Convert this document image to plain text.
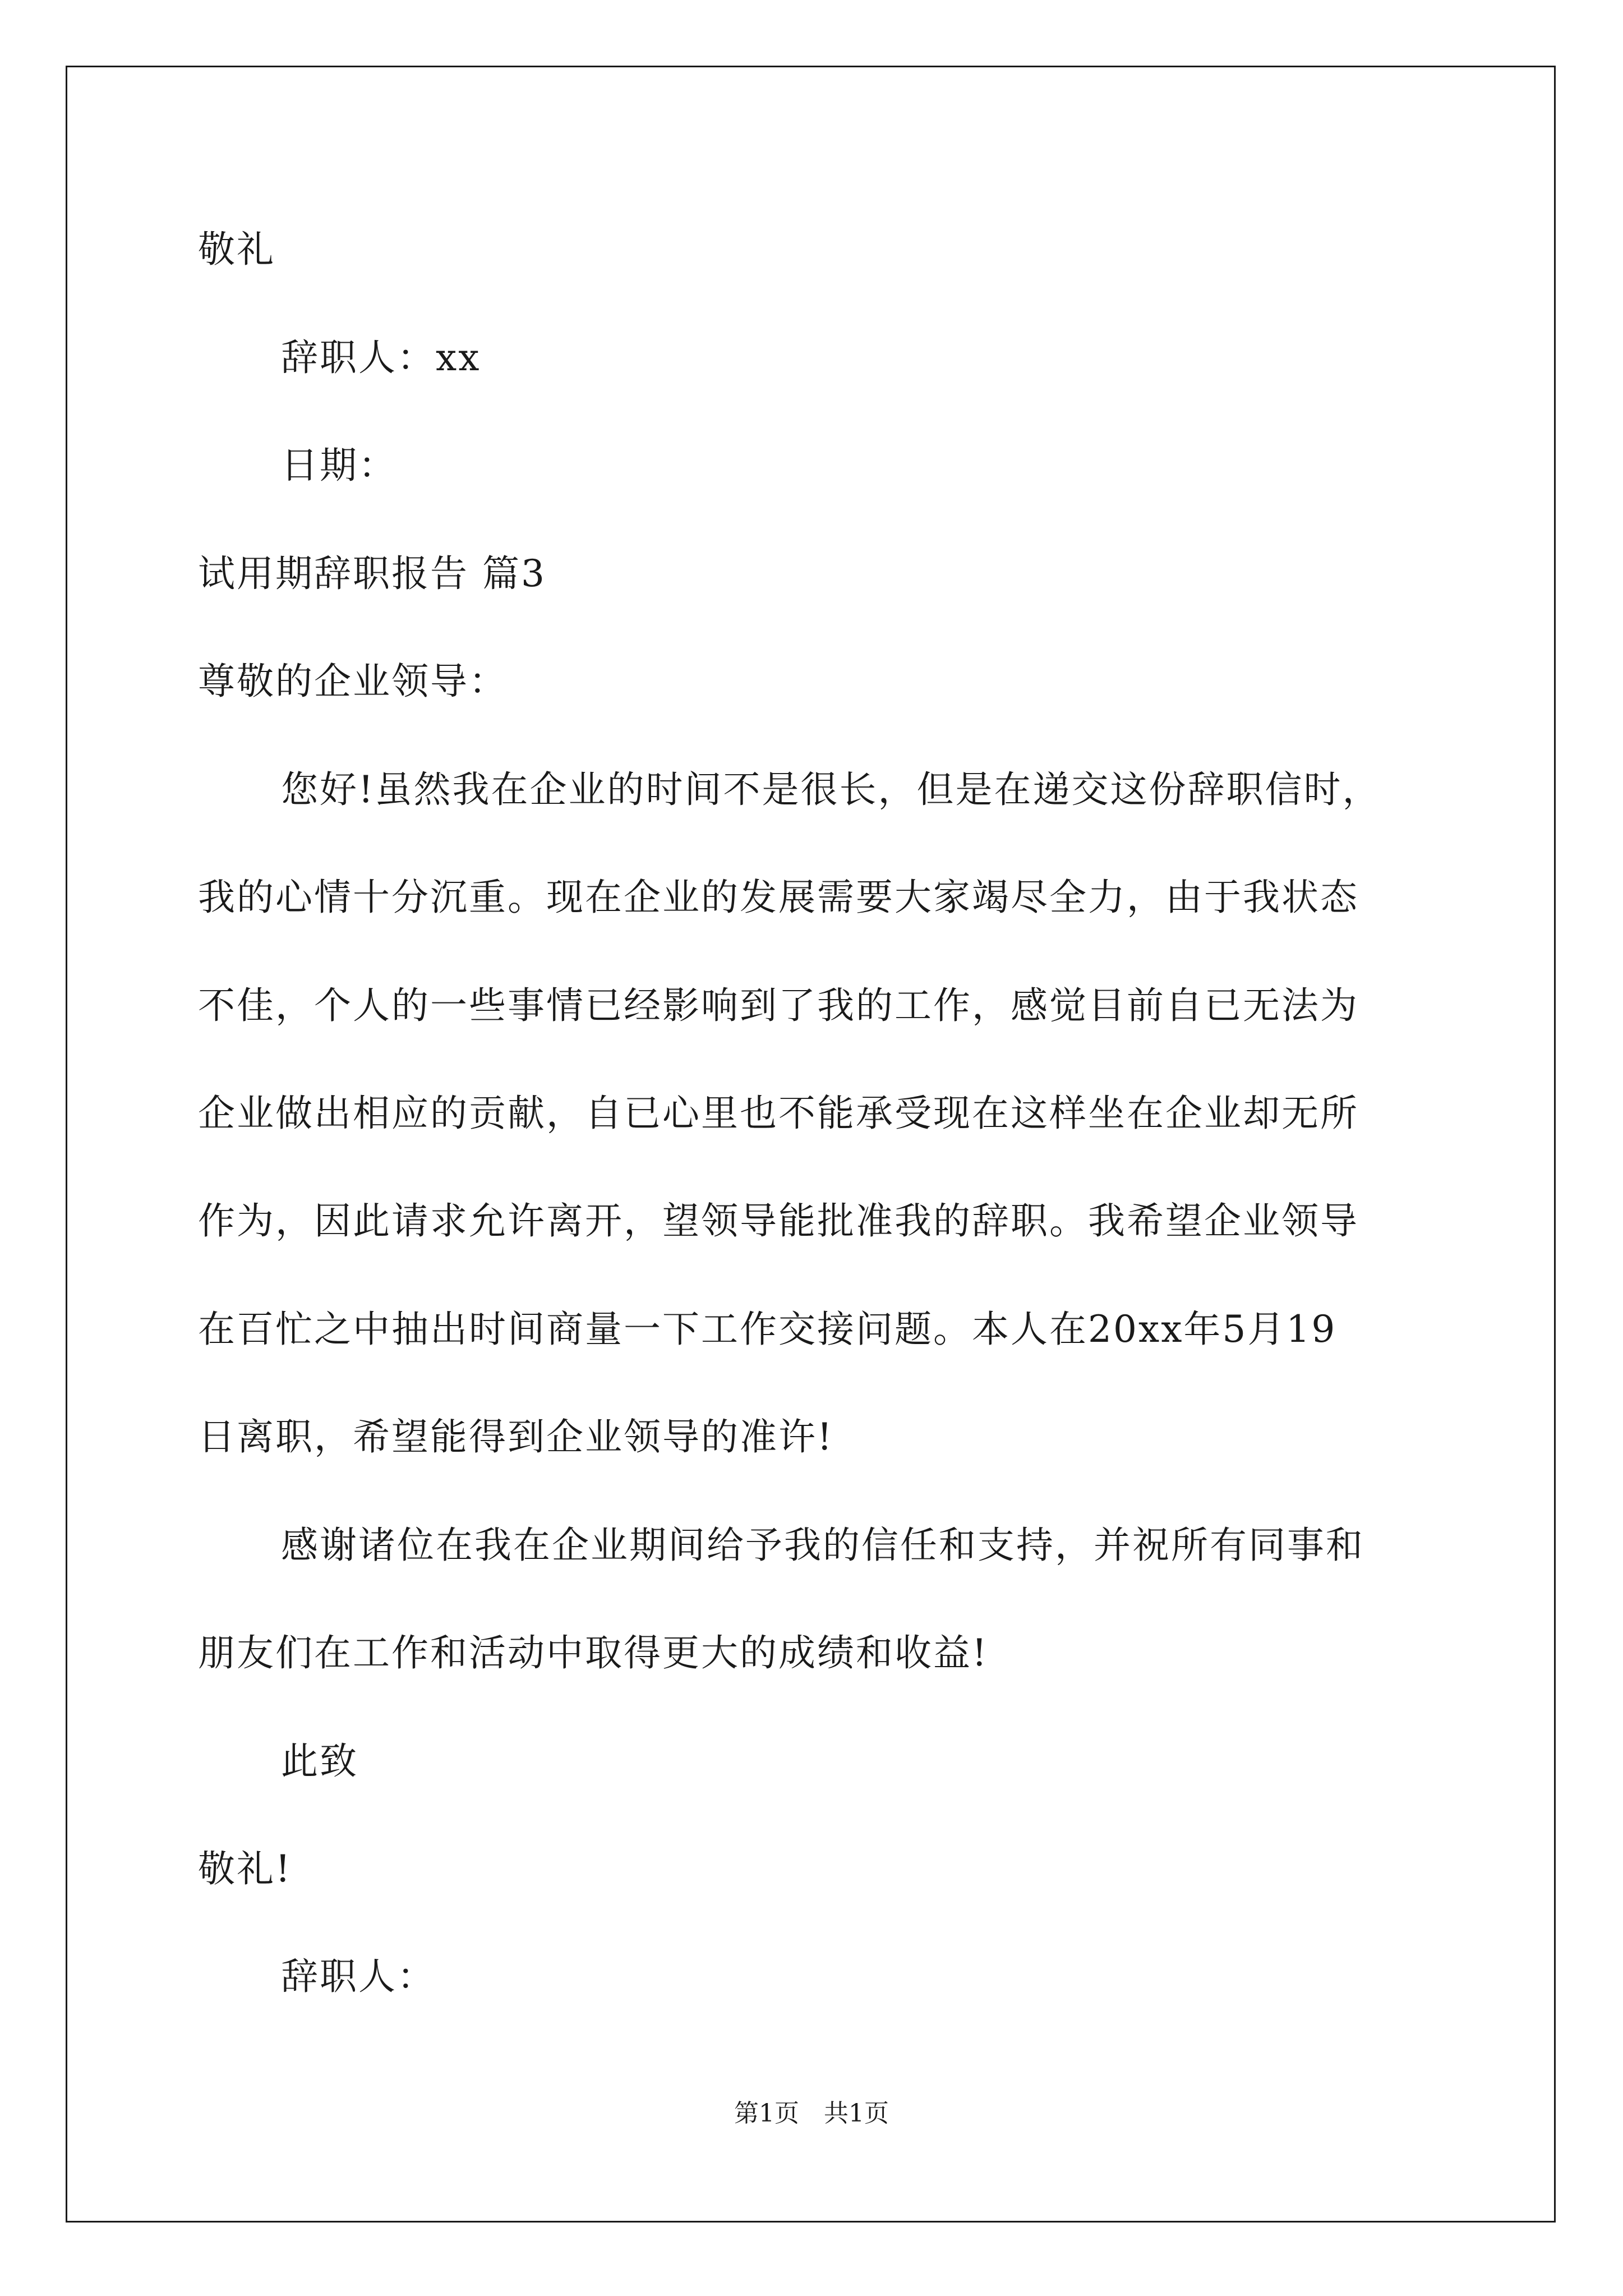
敬礼
辞职人：xx
日期：
试用期辞职报告 篇3
尊敬的企业领导：
您好!虽然我在企业的时间不是很长，但是在递交这份辞职信时，
我的心情十分沉重。现在企业的发展需要大家竭尽全力，由于我状态
不佳，个人的一些事情已经影响到了我的工作，感觉目前自已无法为
企业做出相应的贡献，自已心里也不能承受现在这样坐在企业却无所
作为，因此请求允许离开，望领导能批准我的辞职。我希望企业领导
在百忙之中抽出时间商量一下工作交接问题。本人在20xx年5月19
日离职，希望能得到企业领导的准许!
感谢诸位在我在企业期间给予我的信任和支持，并祝所有同事和
朋友们在工作和活动中取得更大的成绩和收益!
此致
敬礼!
辞职人：
第1页　共1页
